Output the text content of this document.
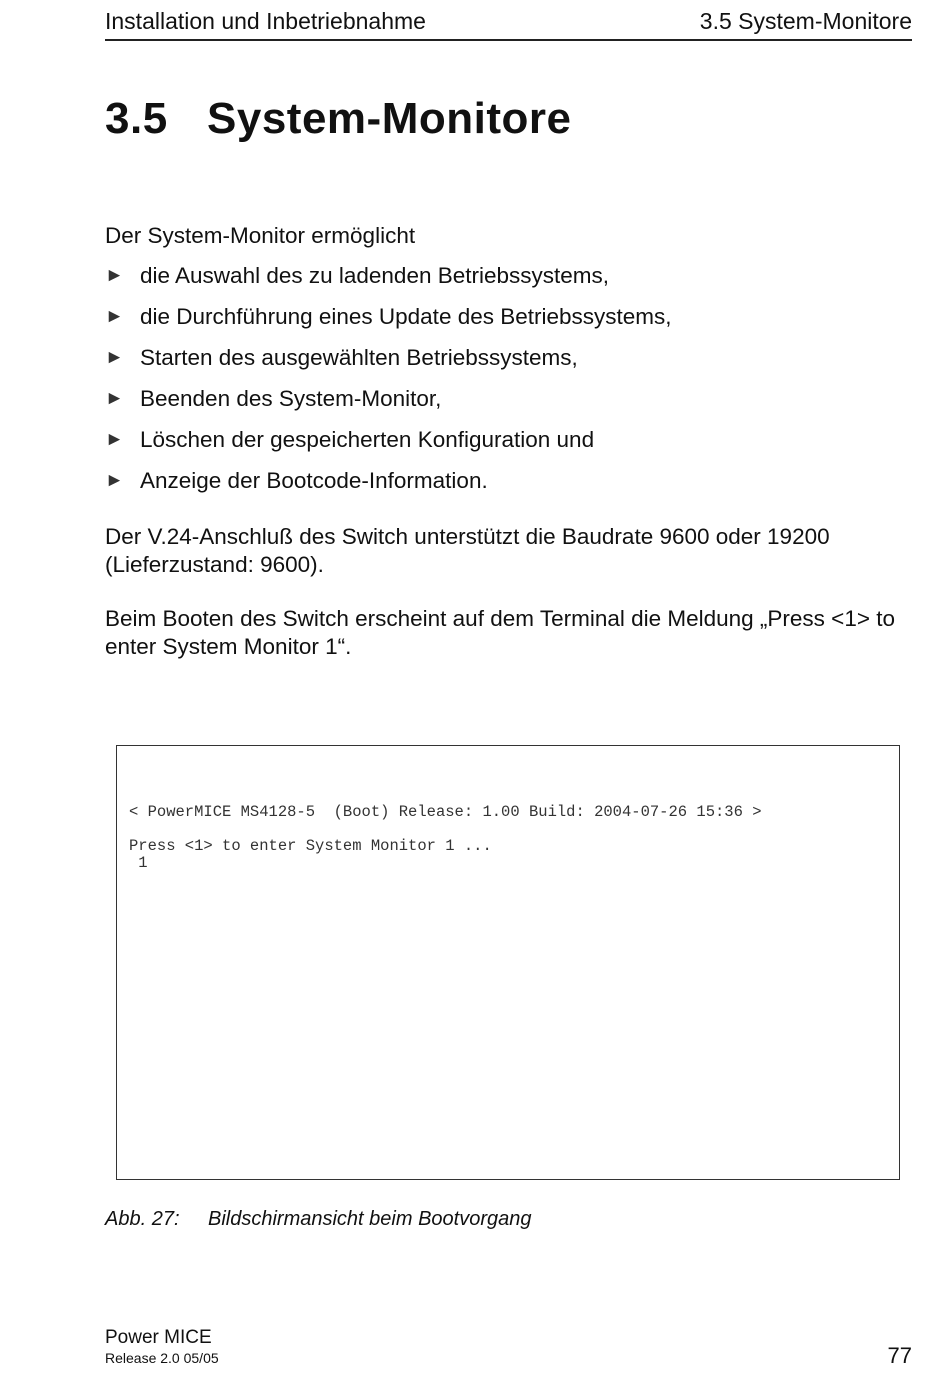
Installation und Inbetriebnahme	3.5 System-Monitore
3.5 System-Monitore

Der System-Monitor ermöglicht

► die Auswahl des zu ladenden Betriebssystems,
► die Durchführung eines Update des Betriebssystems,
► Starten des ausgewählten Betriebssystems,
► Beenden des System-Monitor,
► Löschen der gespeicherten Konfiguration und
► Anzeige der Bootcode-Information.

Der V.24-Anschluß des Switch unterstützt die Baudrate 9600 oder 19200 (Lieferzustand: 9600).

Beim Booten des Switch erscheint auf dem Terminal die Meldung „Press <1> to enter System Monitor 1“.

< PowerMICE MS4128-5  (Boot) Release: 1.00 Build: 2004-07-26 15:36 >

Press <1> to enter System Monitor 1 ...
1
Abb. 27: Bildschirmansicht beim Bootvorgang
Power MICE
Release 2.0 05/05	77
